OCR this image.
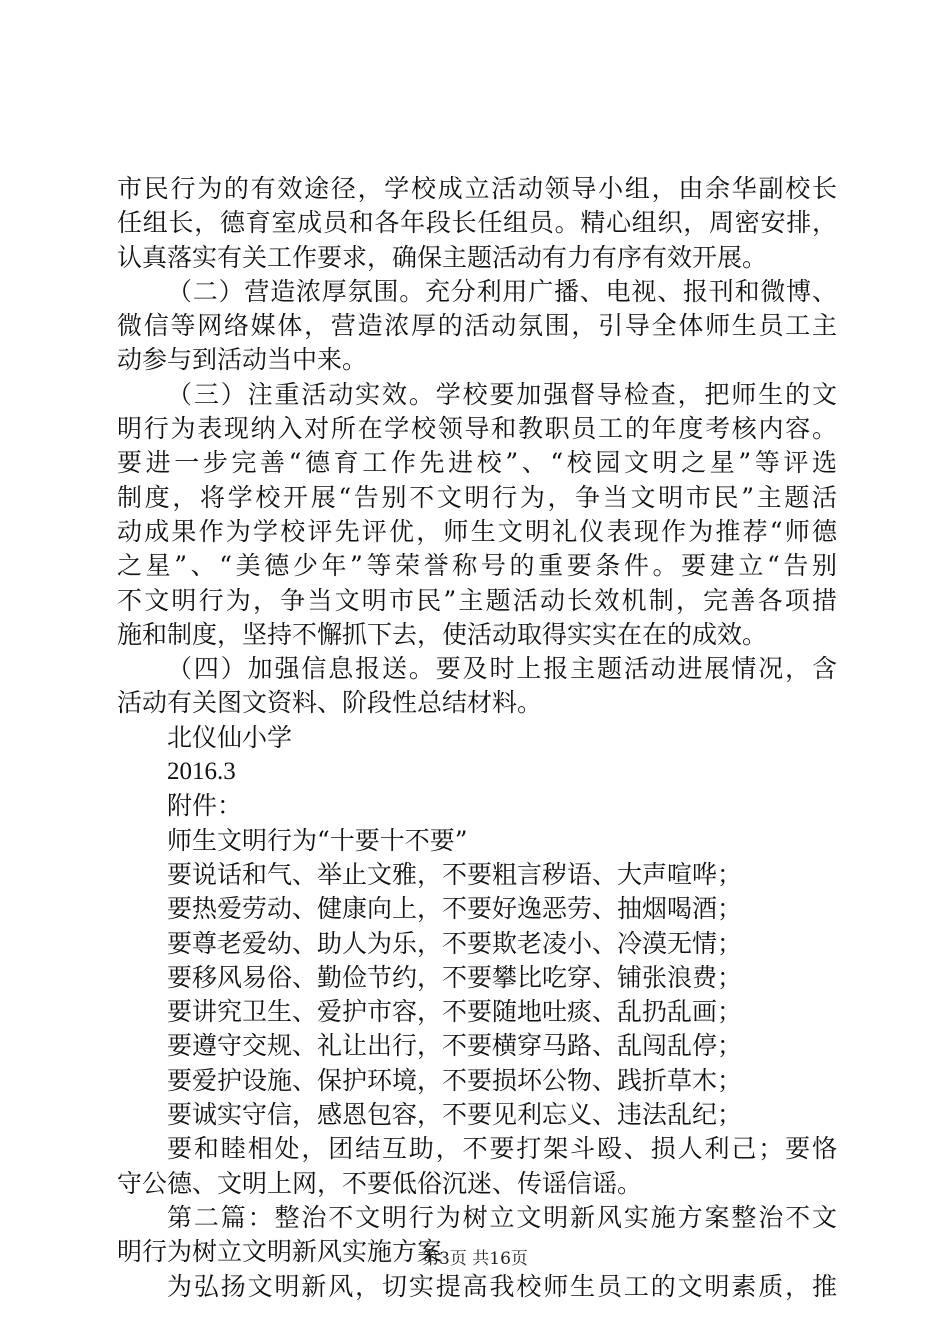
市民行为的有效途径，学校成立活动领导小组，由余华副校长
任组长，德育室成员和各年段长任组员。精心组织，周密安排，
认真落实有关工作要求，确保主题活动有力有序有效开展。
（二）营造浓厚氛围。充分利用广播、电视、报刊和微博、
微信等网络媒体，营造浓厚的活动氛围，引导全体师生员工主
动参与到活动当中来。
（三）注重活动实效。学校要加强督导检查，把师生的文
明行为表现纳入对所在学校领导和教职员工的年度考核内容。
要进一步完善“德育工作先进校”、“校园文明之星”等评选
制度，将学校开展“告别不文明行为，争当文明市民”主题活
动成果作为学校评先评优，师生文明礼仪表现作为推荐“师德
之星”、“美德少年”等荣誉称号的重要条件。要建立“告别
不文明行为，争当文明市民”主题活动长效机制，完善各项措
施和制度，坚持不懈抓下去，使活动取得实实在在的成效。
（四）加强信息报送。要及时上报主题活动进展情况，含
活动有关图文资料、阶段性总结材料。
北仪仙小学
2016.3
附件：
师生文明行为“十要十不要”
要说话和气、举止文雅，不要粗言秽语、大声喧哗；
要热爱劳动、健康向上，不要好逸恶劳、抽烟喝酒；
要尊老爱幼、助人为乐，不要欺老凌小、冷漠无情；
要移风易俗、勤俭节约，不要攀比吃穿、铺张浪费；
要讲究卫生、爱护市容，不要随地吐痰、乱扔乱画；
要遵守交规、礼让出行，不要横穿马路、乱闯乱停；
要爱护设施、保护环境，不要损坏公物、践折草木；
要诚实守信，感恩包容，不要见利忘义、违法乱纪；
要和睦相处，团结互助，不要打架斗殴、损人利己；要恪
守公德、文明上网，不要低俗沉迷、传谣信谣。
第二篇：整治不文明行为树立文明新风实施方案整治不文
明行为树立文明新风实施方案
为弘扬文明新风，切实提高我校师生员工的文明素质，推
第3页 共16页
